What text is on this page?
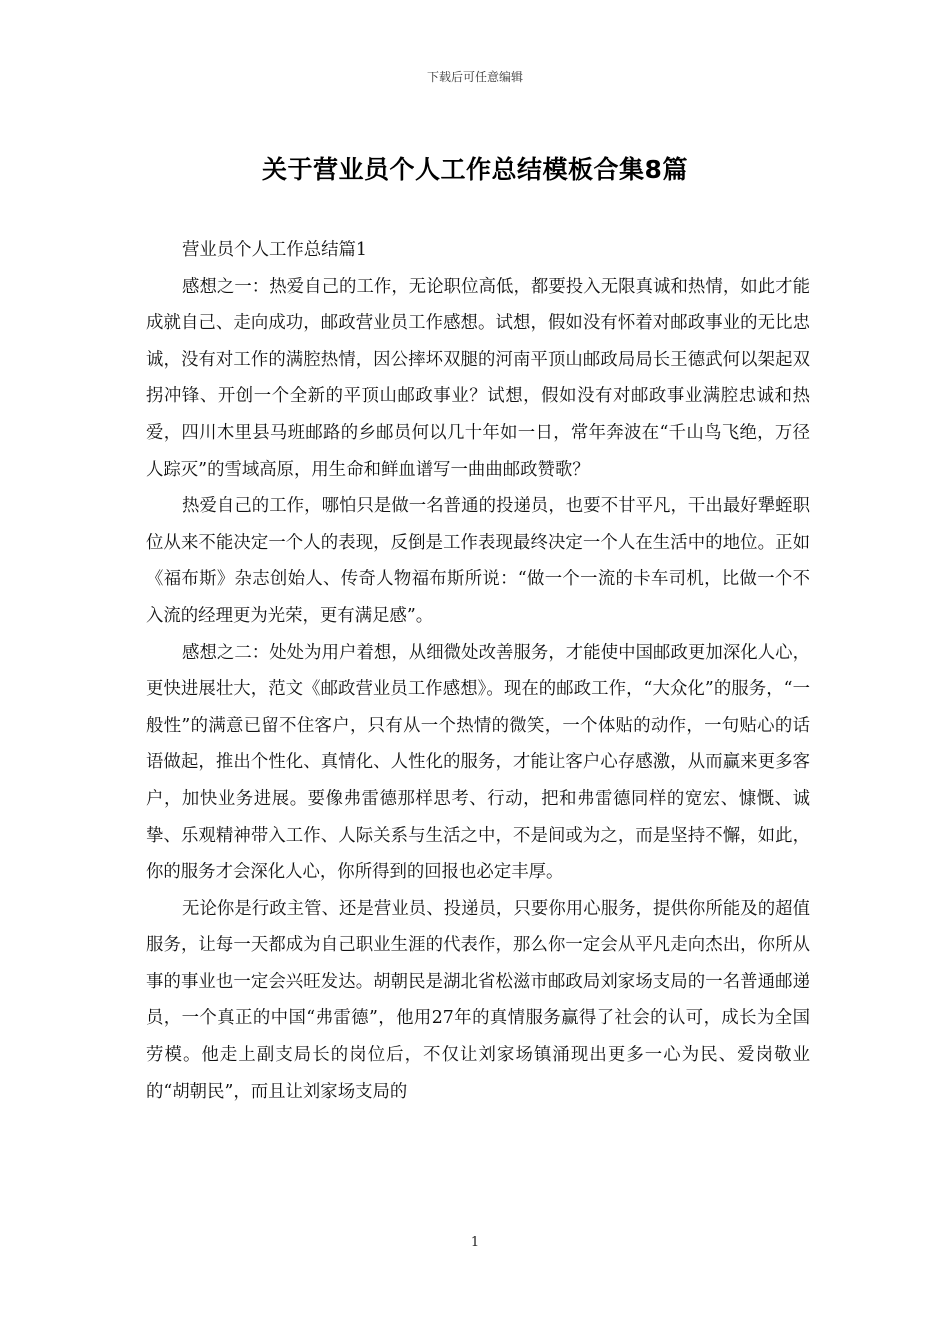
下载后可任意编辑
关于营业员个人工作总结模板合集8篇

营业员个人工作总结篇1

感想之一：热爱自己的工作，无论职位高低，都要投入无限真诚和热情，如此才能成就自己、走向成功，邮政营业员工作感想。试想，假如没有怀着对邮政事业的无比忠诚，没有对工作的满腔热情，因公摔坏双腿的河南平顶山邮政局局长王德武何以架起双拐冲锋、开创一个全新的平顶山邮政事业？试想，假如没有对邮政事业满腔忠诚和热爱，四川木里县马班邮路的乡邮员何以几十年如一日，常年奔波在“千山鸟飞绝，万径人踪灭”的雪域高原，用生命和鲜血谱写一曲曲邮政赞歌？

热爱自己的工作，哪怕只是做一名普通的投递员，也要不甘平凡，干出最好犟蛭职位从来不能决定一个人的表现，反倒是工作表现最终决定一个人在生活中的地位。正如《福布斯》杂志创始人、传奇人物福布斯所说：“做一个一流的卡车司机，比做一个不入流的经理更为光荣，更有满足感”。

感想之二：处处为用户着想，从细微处改善服务，才能使中国邮政更加深化人心，更快进展壮大，范文《邮政营业员工作感想》。现在的邮政工作，“大众化”的服务，“一般性”的满意已留不住客户，只有从一个热情的微笑，一个体贴的动作，一句贴心的话语做起，推出个性化、真情化、人性化的服务，才能让客户心存感激，从而赢来更多客户，加快业务进展。要像弗雷德那样思考、行动，把和弗雷德同样的宽宏、慷慨、诚挚、乐观精神带入工作、人际关系与生活之中，不是间或为之，而是坚持不懈，如此，你的服务才会深化人心，你所得到的回报也必定丰厚。

无论你是行政主管、还是营业员、投递员，只要你用心服务，提供你所能及的超值服务，让每一天都成为自己职业生涯的代表作，那么你一定会从平凡走向杰出，你所从事的事业也一定会兴旺发达。胡朝民是湖北省松滋市邮政局刘家场支局的一名普通邮递员，一个真正的中国“弗雷德”，他用27年的真情服务赢得了社会的认可，成长为全国劳模。他走上副支局长的岗位后，不仅让刘家场镇涌现出更多一心为民、爱岗敬业的“胡朝民”，而且让刘家场支局的

1
